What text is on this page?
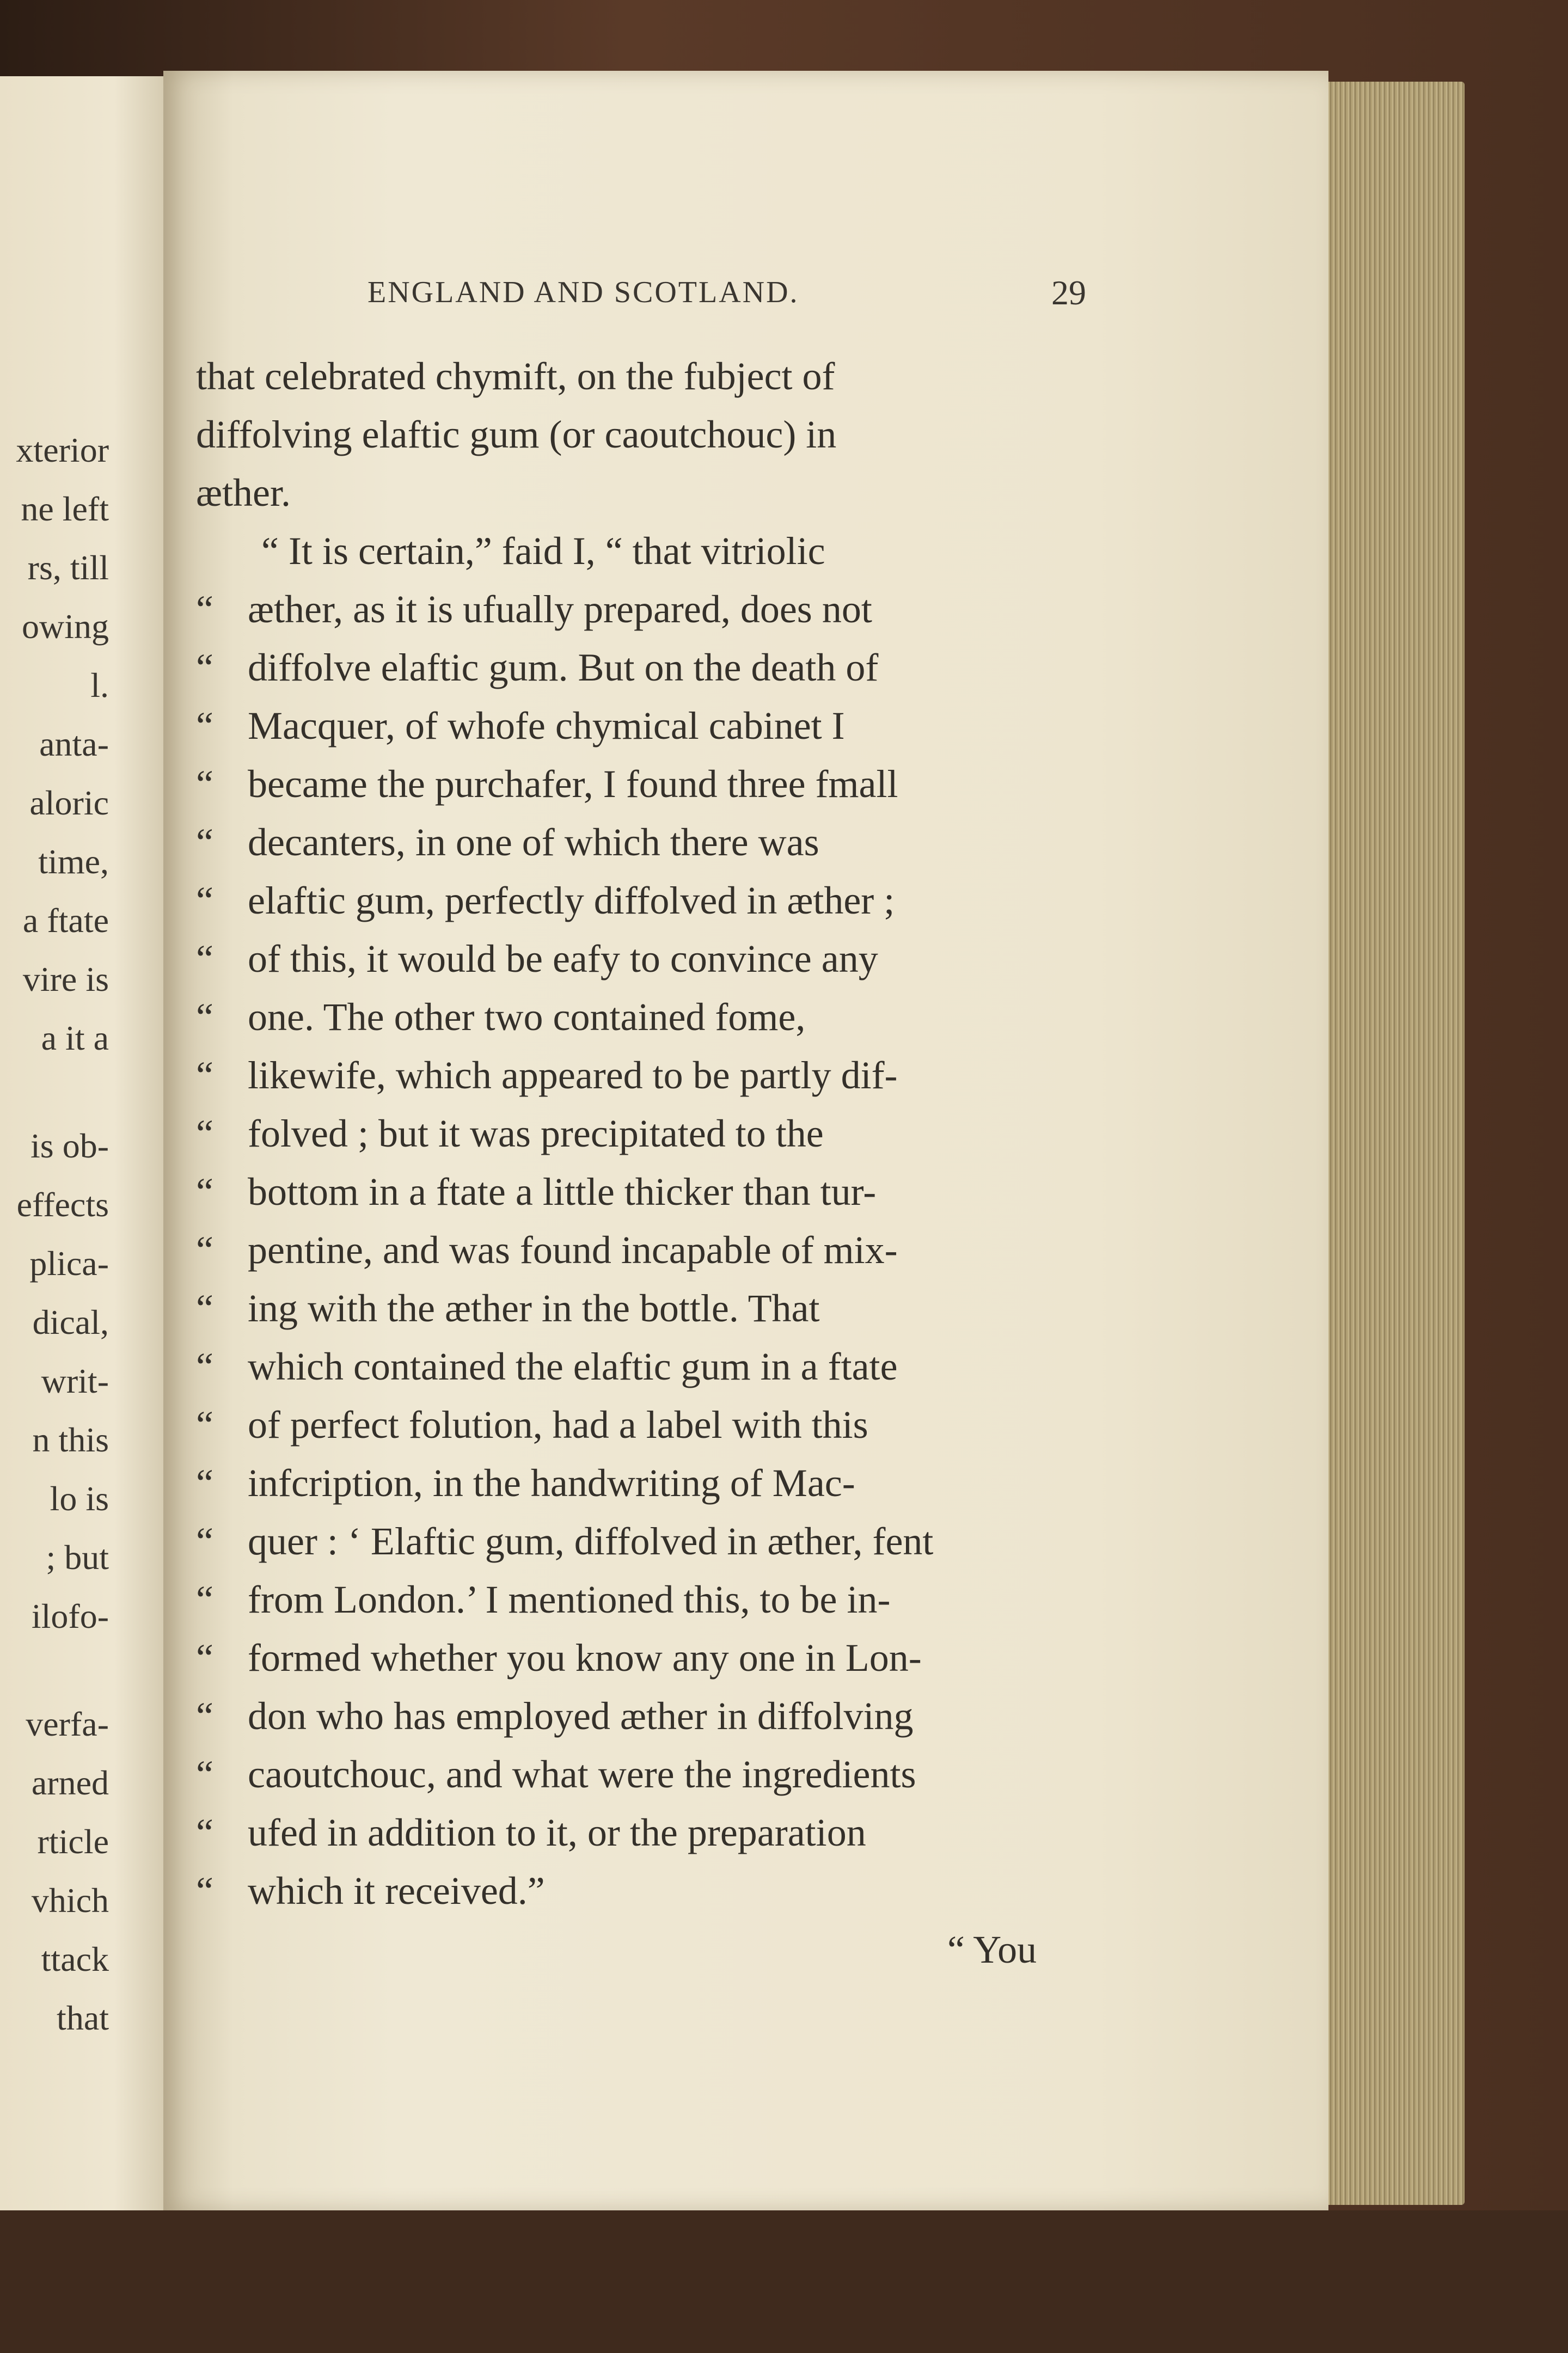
xterior
ne left
rs, till
owing
l.
anta-
aloric
time,
a ftate
vire is
a it a
is ob-
effects
plica-
dical,
writ-
n this
lo is
; but
ilofo-
verfa-
arned
rticle
vhich
ttack
that
ENGLAND AND SCOTLAND.	29
that celebrated chymift, on the fubject of
diffolving elaftic gum (or caoutchouc) in
æther.
“ It is certain,” faid I, “ that vitriolic
“ æther, as it is ufually prepared, does not
“ diffolve elaftic gum. But on the death of
“ Macquer, of whofe chymical cabinet I
“ became the purchafer, I found three fmall
“ decanters, in one of which there was
“ elaftic gum, perfectly diffolved in æther ;
“ of this, it would be eafy to convince any
“ one. The other two contained fome,
“ likewife, which appeared to be partly dif-
“ folved ; but it was precipitated to the
“ bottom in a ftate a little thicker than tur-
“ pentine, and was found incapable of mix-
“ ing with the æther in the bottle. That
“ which contained the elaftic gum in a ftate
“ of perfect folution, had a label with this
“ infcription, in the handwriting of Mac-
“ quer : ‘ Elaftic gum, diffolved in æther, fent
“ from London.’ I mentioned this, to be in-
“ formed whether you know any one in Lon-
“ don who has employed æther in diffolving
“ caoutchouc, and what were the ingredients
“ ufed in addition to it, or the preparation
“ which it received.”
“ You
